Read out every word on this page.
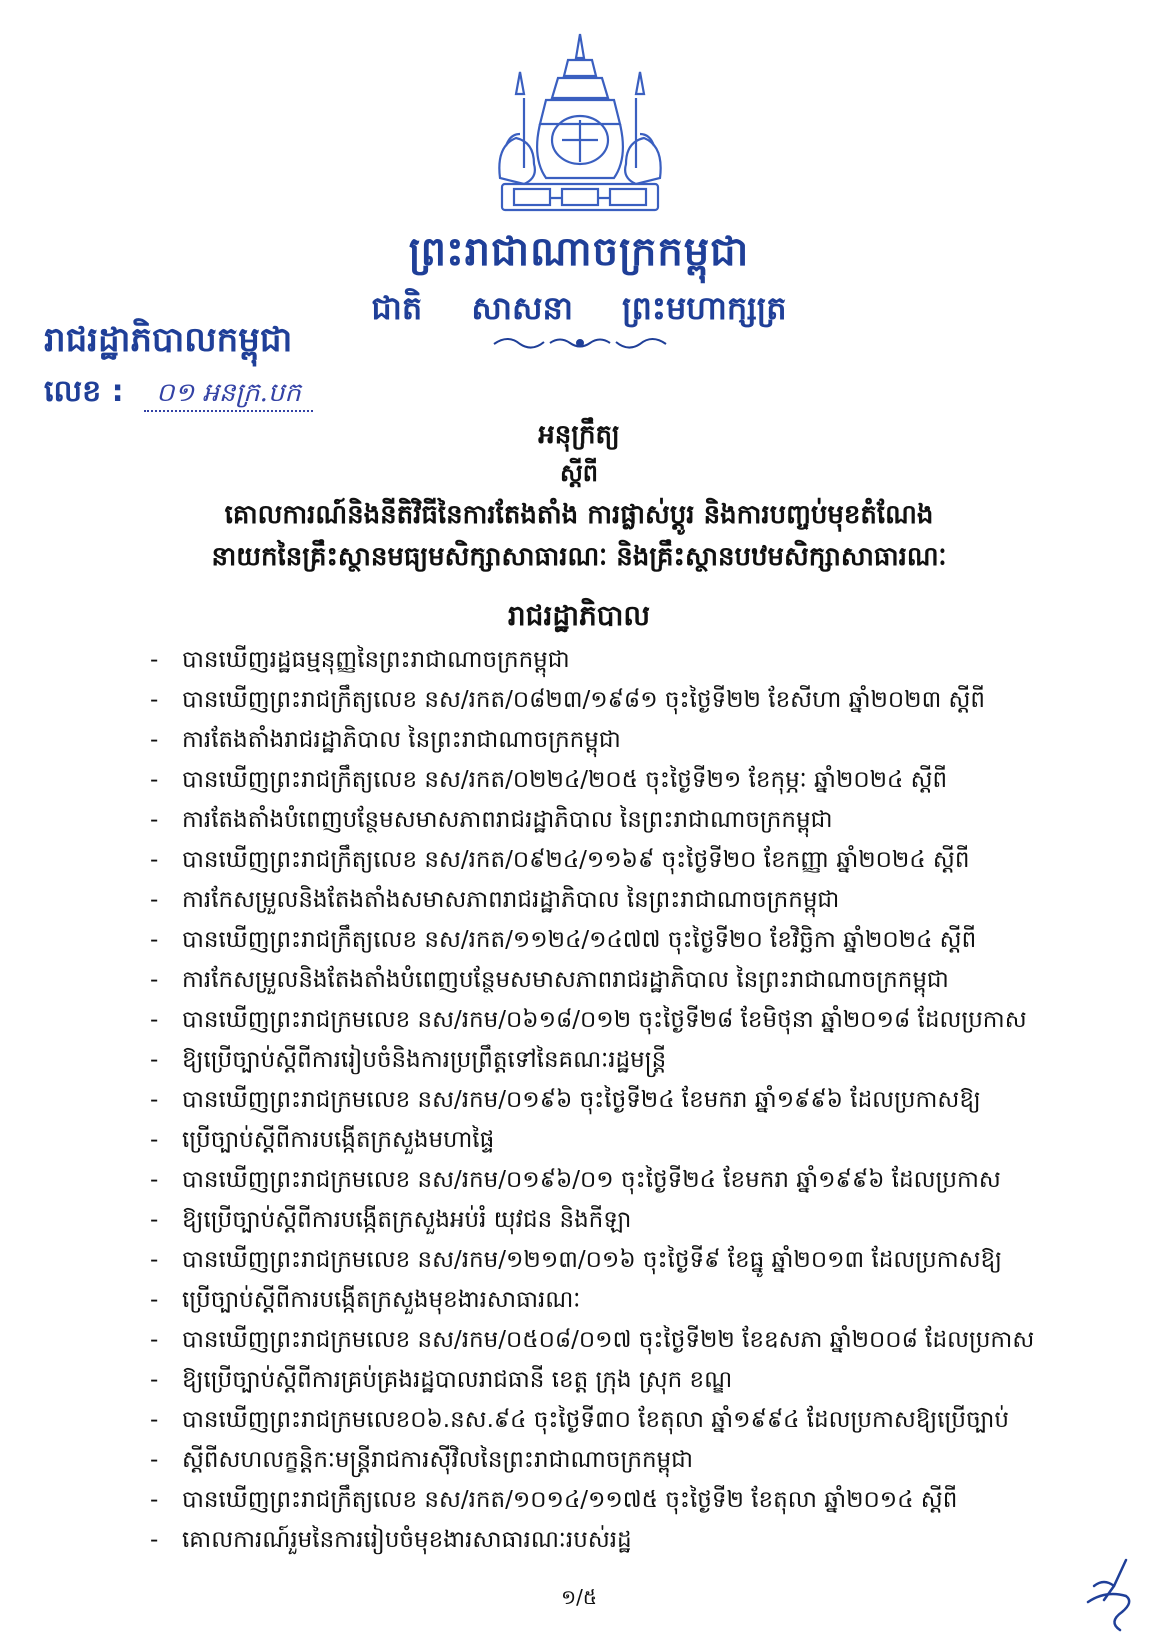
ព្រះរាជាណាចក្រកម្ពុជា
ជាតិ សាសនា ព្រះមហាក្សត្រ
រាជរដ្ឋាភិបាលកម្ពុជា
លេខ : ០១ អនក្រ.បក
អនុក្រឹត្យ
ស្តីពី
គោលការណ៍និងនីតិវិធីនៃការតែងតាំង ការផ្លាស់ប្តូរ និងការបញ្ចប់មុខតំណែង
នាយកនៃគ្រឹះស្ថានមធ្យមសិក្សាសាធារណៈ និងគ្រឹះស្ថានបឋមសិក្សាសាធារណៈ
រាជរដ្ឋាភិបាល
- បានឃើញរដ្ឋធម្មនុញ្ញនៃព្រះរាជាណាចក្រកម្ពុជា
- បានឃើញព្រះរាជក្រឹត្យលេខ នស/រកត/០៨២៣/១៩៨១ ចុះថ្ងៃទី២២ ខែសីហា ឆ្នាំ២០២៣ ស្តីពី
- ការតែងតាំងរាជរដ្ឋាភិបាល នៃព្រះរាជាណាចក្រកម្ពុជា
- បានឃើញព្រះរាជក្រឹត្យលេខ នស/រកត/០២២៤/២០៥ ចុះថ្ងៃទី២១ ខែកុម្ភៈ ឆ្នាំ២០២៤ ស្តីពី
- ការតែងតាំងបំពេញបន្ថែមសមាសភាពរាជរដ្ឋាភិបាល នៃព្រះរាជាណាចក្រកម្ពុជា
- បានឃើញព្រះរាជក្រឹត្យលេខ នស/រកត/០៩២៤/១១៦៩ ចុះថ្ងៃទី២០ ខែកញ្ញា ឆ្នាំ២០២៤ ស្តីពី
- ការកែសម្រួលនិងតែងតាំងសមាសភាពរាជរដ្ឋាភិបាល នៃព្រះរាជាណាចក្រកម្ពុជា
- បានឃើញព្រះរាជក្រឹត្យលេខ នស/រកត/១១២៤/១៤៧៧ ចុះថ្ងៃទី២០ ខែវិច្ឆិកា ឆ្នាំ២០២៤ ស្តីពី
- ការកែសម្រួលនិងតែងតាំងបំពេញបន្ថែមសមាសភាពរាជរដ្ឋាភិបាល នៃព្រះរាជាណាចក្រកម្ពុជា
- បានឃើញព្រះរាជក្រមលេខ នស/រកម/០៦១៨/០១២ ចុះថ្ងៃទី២៨ ខែមិថុនា ឆ្នាំ២០១៨ ដែលប្រកាស
- ឱ្យប្រើច្បាប់ស្តីពីការរៀបចំនិងការប្រព្រឹត្តទៅនៃគណៈរដ្ឋមន្ត្រី
- បានឃើញព្រះរាជក្រមលេខ នស/រកម/០១៩៦ ចុះថ្ងៃទី២៤ ខែមករា ឆ្នាំ១៩៩៦ ដែលប្រកាសឱ្យ
- ប្រើច្បាប់ស្តីពីការបង្កើតក្រសួងមហាផ្ទៃ
- បានឃើញព្រះរាជក្រមលេខ នស/រកម/០១៩៦/០១ ចុះថ្ងៃទី២៤ ខែមករា ឆ្នាំ១៩៩៦ ដែលប្រកាស
- ឱ្យប្រើច្បាប់ស្តីពីការបង្កើតក្រសួងអប់រំ យុវជន និងកីឡា
- បានឃើញព្រះរាជក្រមលេខ នស/រកម/១២១៣/០១៦ ចុះថ្ងៃទី៩ ខែធ្នូ ឆ្នាំ២០១៣ ដែលប្រកាសឱ្យ
- ប្រើច្បាប់ស្តីពីការបង្កើតក្រសួងមុខងារសាធារណៈ
- បានឃើញព្រះរាជក្រមលេខ នស/រកម/០៥០៨/០១៧ ចុះថ្ងៃទី២២ ខែឧសភា ឆ្នាំ២០០៨ ដែលប្រកាស
- ឱ្យប្រើច្បាប់ស្តីពីការគ្រប់គ្រងរដ្ឋបាលរាជធានី ខេត្ត ក្រុង ស្រុក ខណ្ឌ
- បានឃើញព្រះរាជក្រមលេខ០៦.នស.៩៤ ចុះថ្ងៃទី៣០ ខែតុលា ឆ្នាំ១៩៩៤ ដែលប្រកាសឱ្យប្រើច្បាប់
- ស្តីពីសហលក្ខន្តិកៈមន្ត្រីរាជការស៊ីវិលនៃព្រះរាជាណាចក្រកម្ពុជា
- បានឃើញព្រះរាជក្រឹត្យលេខ នស/រកត/១០១៤/១១៧៥ ចុះថ្ងៃទី២ ខែតុលា ឆ្នាំ២០១៤ ស្តីពី
- គោលការណ៍រួមនៃការរៀបចំមុខងារសាធារណៈរបស់រដ្ឋ
១/៥
